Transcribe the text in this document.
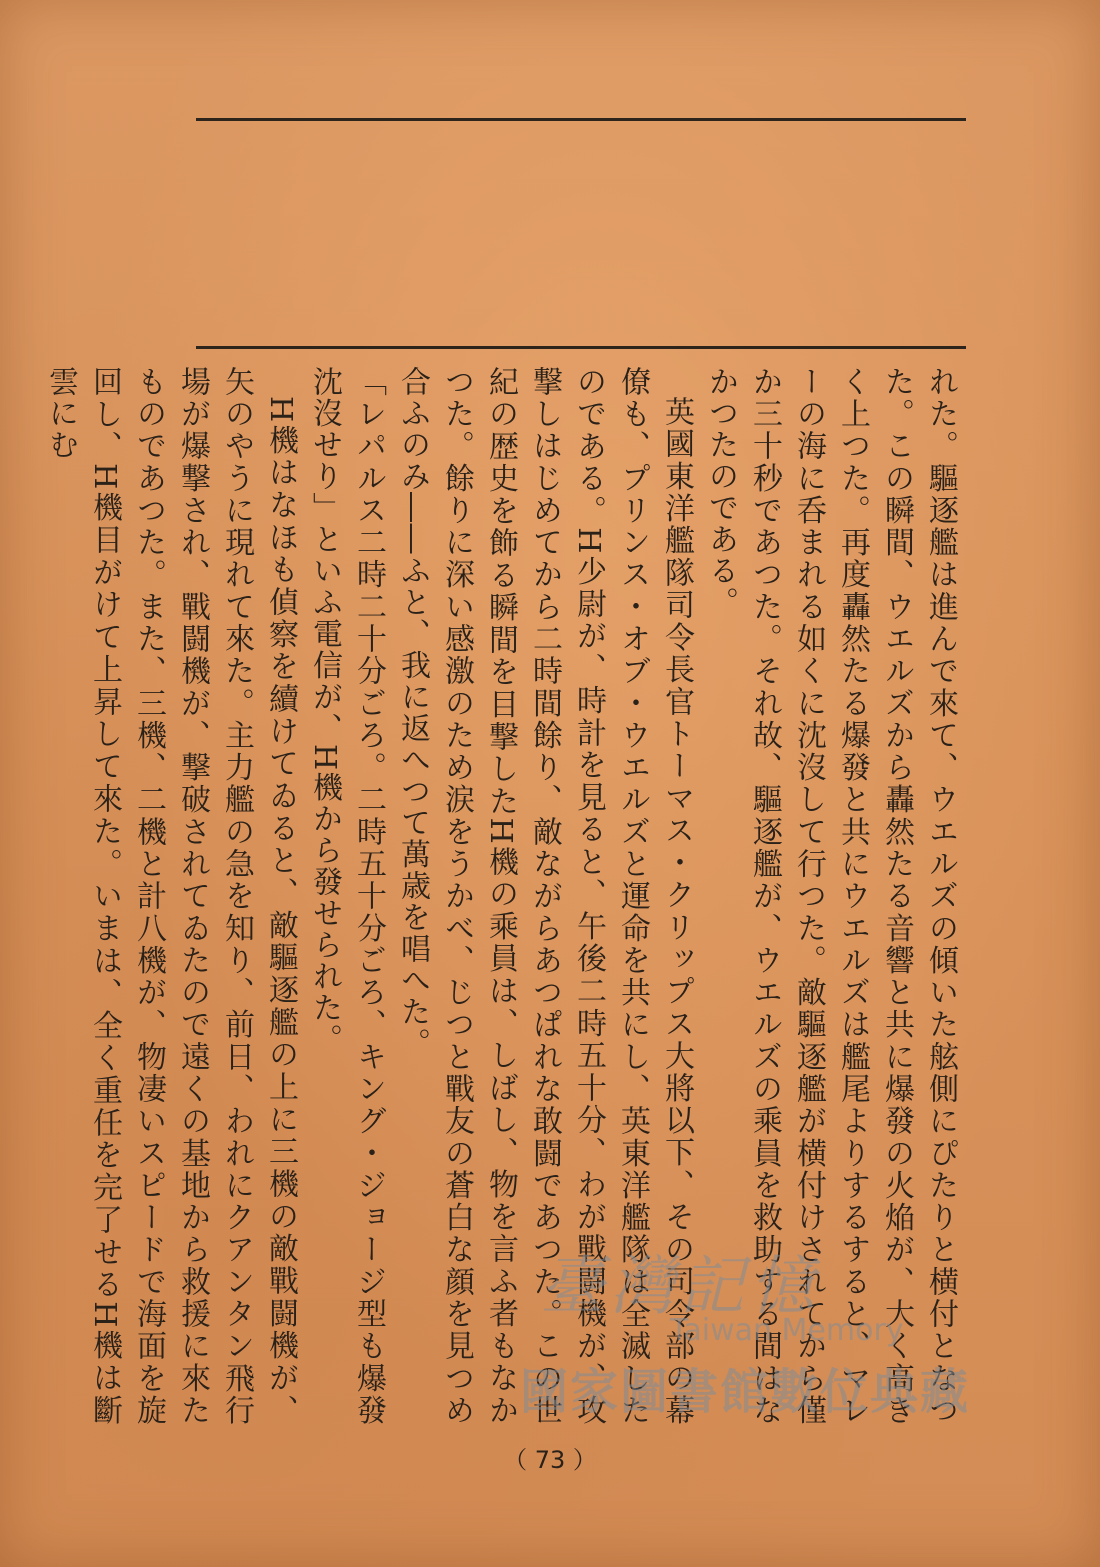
れた。驅逐艦は進んで來て、ウエルズの傾いた舷側にぴたりと横付となつた。この瞬間、ウエルズから轟然たる音響と共に爆發の火焔が、大く高きく上つた。再度轟然たる爆發と共にウエルズは艦尾よりするすると、マレーの海に呑まれる如くに沈沒して行つた。敵驅逐艦が横付けされてから僅か三十秒であつた。それ故、驅逐艦が、ウエルズの乘員を救助する間はなかつたのである。

英國東洋艦隊司令長官トーマス・クリップス大將以下、その司令部の幕僚も、プリンス・オブ・ウエルズと運命を共にし、英東洋艦隊は全滅したのである。H少尉が、時計を見ると、午後二時五十分、わが戰闘機が、攻撃しはじめてから二時間餘り、敵ながらあつぱれな敢闘であつた。この世紀の歴史を飾る瞬間を目撃したH機の乘員は、しばし、物を言ふ者もなかつた。餘りに深い感激のため涙をうかべ、じつと戰友の蒼白な顔を見つめ合ふのみ――ふと、我に返へつて萬歳を唱へた。

「レパルス二時二十分ごろ。二時五十分ごろ、キング・ジョージ型も爆發沈沒せり」といふ電信が、H機から發せられた。

H機はなほも偵察を續けてゐると、敵驅逐艦の上に三機の敵戰闘機が、矢のやうに現れて來た。主力艦の急を知り、前日、われにクアンタン飛行場が爆撃され、戰闘機が、撃破されてゐたので遠くの基地から救援に來たものであつた。また、三機、二機と計八機が、物凄いスピードで海面を旋回し、H機目がけて上昇して來た。いまは、全く重任を完了せるH機は斷雲にむ

（ 73 ）
臺灣記憶
Taiwan Memory
國家圖書館數位典藏
